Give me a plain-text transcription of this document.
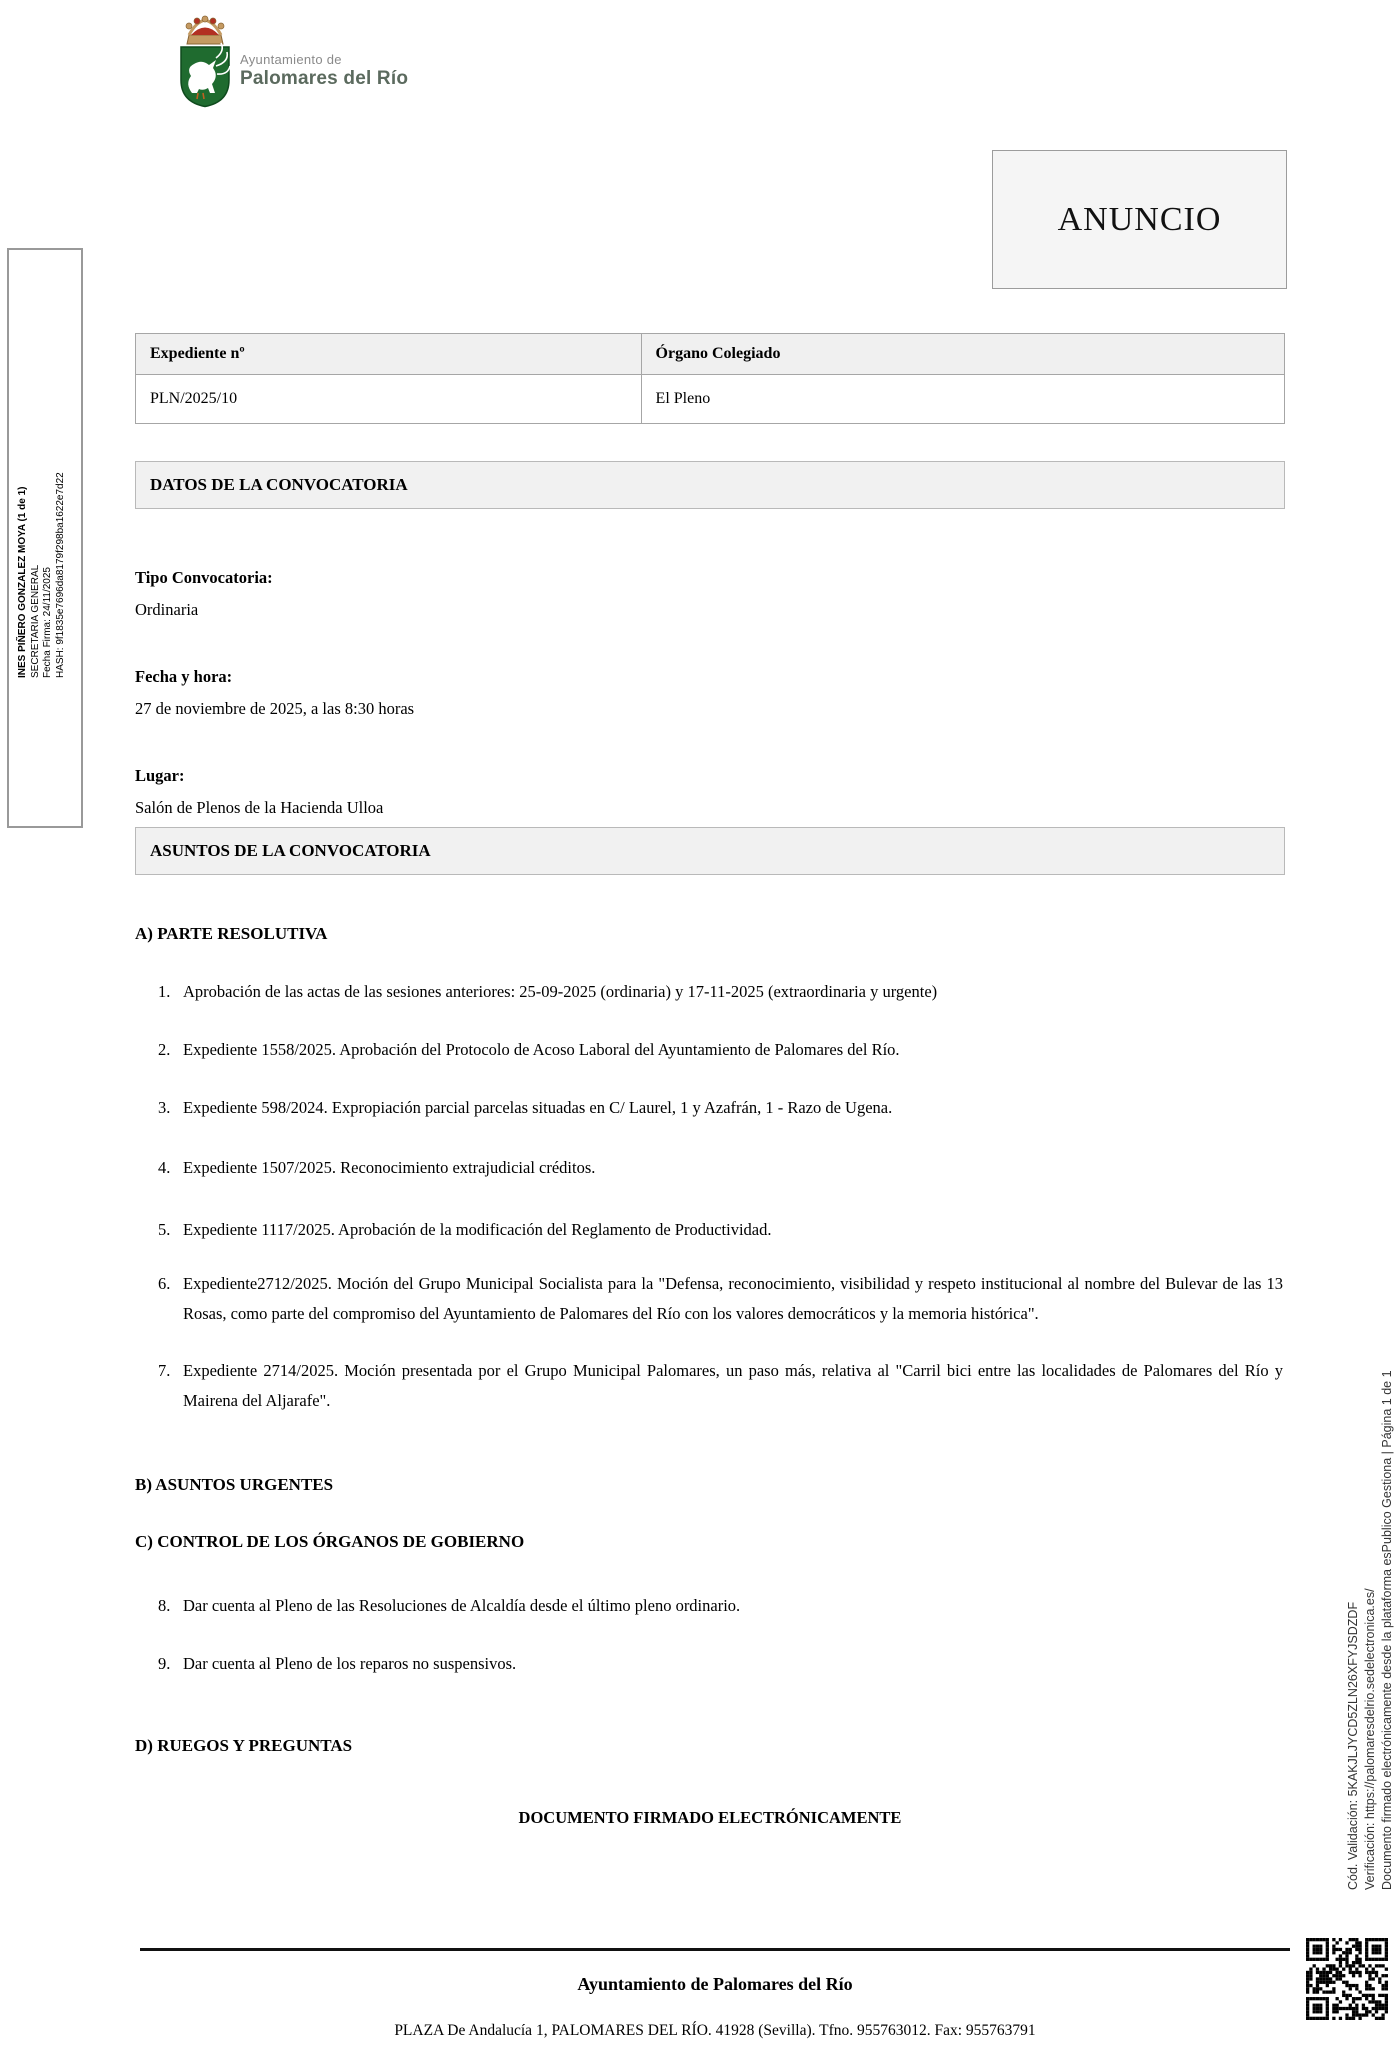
Ayuntamiento de
Palomares del Río
ANUNCIO
INES PIÑERO GONZALEZ MOYA (1 de 1) SECRETARIA GENERAL Fecha Firma: 24/11/2025 HASH: 9f1835e7696da8179f298ba1622e7d22
Cód. Validación: 5KAKJLJYCD5ZLN26XFYJSDZDF Verificación: https://palomaresdelrio.sedelectronica.es/ Documento firmado electrónicamente desde la plataforma esPublico Gestiona | Página 1 de 1
Expediente nº	Órgano Colegiado
PLN/2025/10	El Pleno
DATOS DE LA CONVOCATORIA
Tipo Convocatoria:
Ordinaria
Fecha y hora:
27 de noviembre de 2025, a las 8:30 horas
Lugar:
Salón de Plenos de la Hacienda Ulloa
ASUNTOS DE LA CONVOCATORIA
A) PARTE RESOLUTIVA
1. Aprobación de las actas de las sesiones anteriores: 25-09-2025 (ordinaria) y 17-11-2025 (extraordinaria y urgente)
2. Expediente 1558/2025. Aprobación del Protocolo de Acoso Laboral del Ayuntamiento de Palomares del Río.
3. Expediente 598/2024. Expropiación parcial parcelas situadas en C/ Laurel, 1 y Azafrán, 1 - Razo de Ugena.
4. Expediente 1507/2025. Reconocimiento extrajudicial créditos.
5. Expediente 1117/2025. Aprobación de la modificación del Reglamento de Productividad.
6. Expediente2712/2025. Moción del Grupo Municipal Socialista para la "Defensa, reconocimiento, visibilidad y respeto institucional al nombre del Bulevar de las 13 Rosas, como parte del compromiso del Ayuntamiento de Palomares del Río con los valores democráticos y la memoria histórica".
7. Expediente 2714/2025. Moción presentada por el Grupo Municipal Palomares, un paso más, relativa al "Carril bici entre las localidades de Palomares del Río y Mairena del Aljarafe".
B) ASUNTOS URGENTES
C) CONTROL DE LOS ÓRGANOS DE GOBIERNO
8. Dar cuenta al Pleno de las Resoluciones de Alcaldía desde el último pleno ordinario.
9. Dar cuenta al Pleno de los reparos no suspensivos.
D) RUEGOS Y PREGUNTAS
DOCUMENTO FIRMADO ELECTRÓNICAMENTE
Ayuntamiento de Palomares del Río
PLAZA De Andalucía 1, PALOMARES DEL RÍO. 41928 (Sevilla). Tfno. 955763012. Fax: 955763791
